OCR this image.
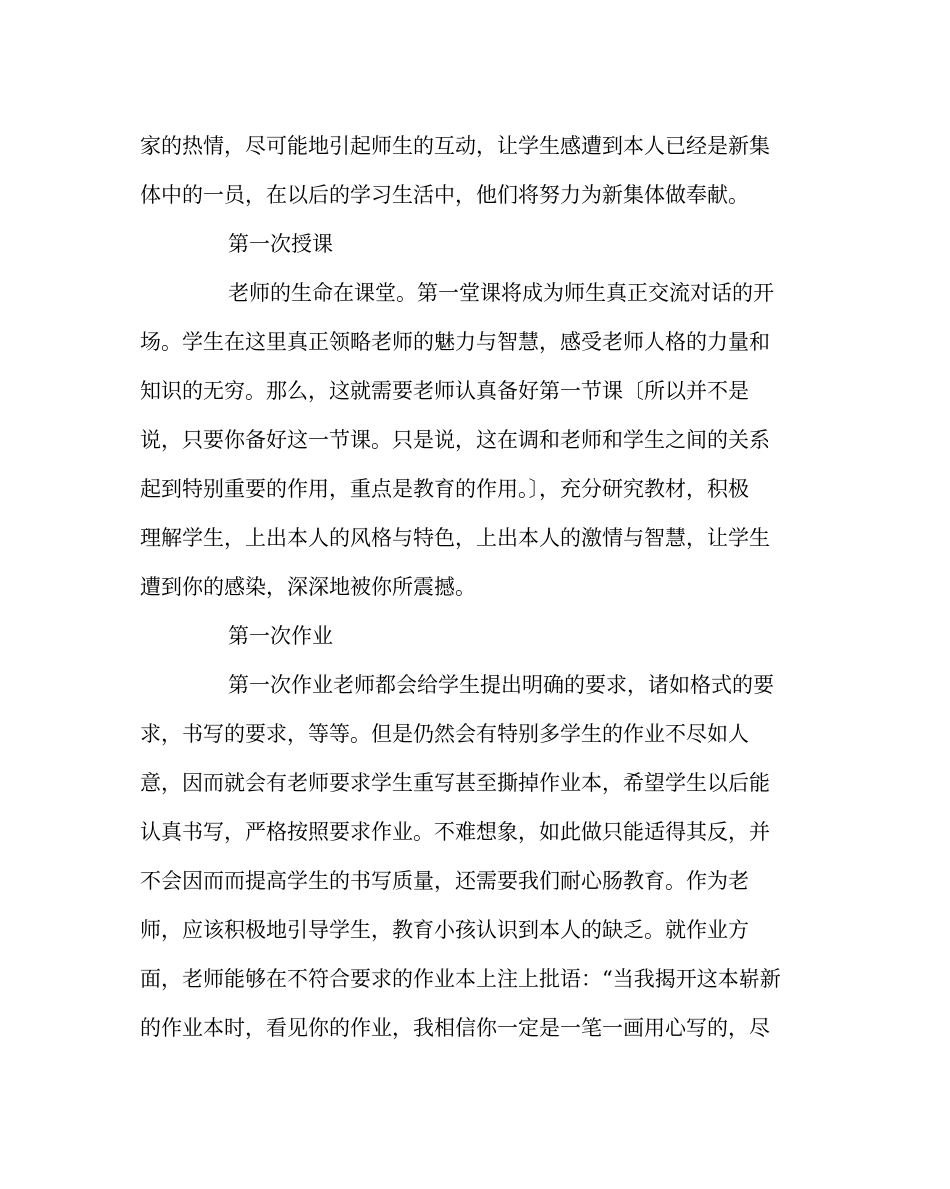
家的热情，尽可能地引起师生的互动，让学生感遭到本人已经是新集
体中的一员，在以后的学习生活中，他们将努力为新集体做奉献。
第一次授课
老师的生命在课堂。第一堂课将成为师生真正交流对话的开
场。学生在这里真正领略老师的魅力与智慧，感受老师人格的力量和
知识的无穷。那么，这就需要老师认真备好第一节课〔所以并不是
说，只要你备好这一节课。只是说，这在调和老师和学生之间的关系
起到特别重要的作用，重点是教育的作用。〕，充分研究教材，积极
理解学生，上出本人的风格与特色，上出本人的激情与智慧，让学生
遭到你的感染，深深地被你所震撼。
第一次作业
第一次作业老师都会给学生提出明确的要求，诸如格式的要
求，书写的要求，等等。但是仍然会有特别多学生的作业不尽如人
意，因而就会有老师要求学生重写甚至撕掉作业本，希望学生以后能
认真书写，严格按照要求作业。不难想象，如此做只能适得其反，并
不会因而而提高学生的书写质量，还需要我们耐心肠教育。作为老
师，应该积极地引导学生，教育小孩认识到本人的缺乏。就作业方
面，老师能够在不符合要求的作业本上注上批语：“当我揭开这本崭新
的作业本时，看见你的作业，我相信你一定是一笔一画用心写的，尽
